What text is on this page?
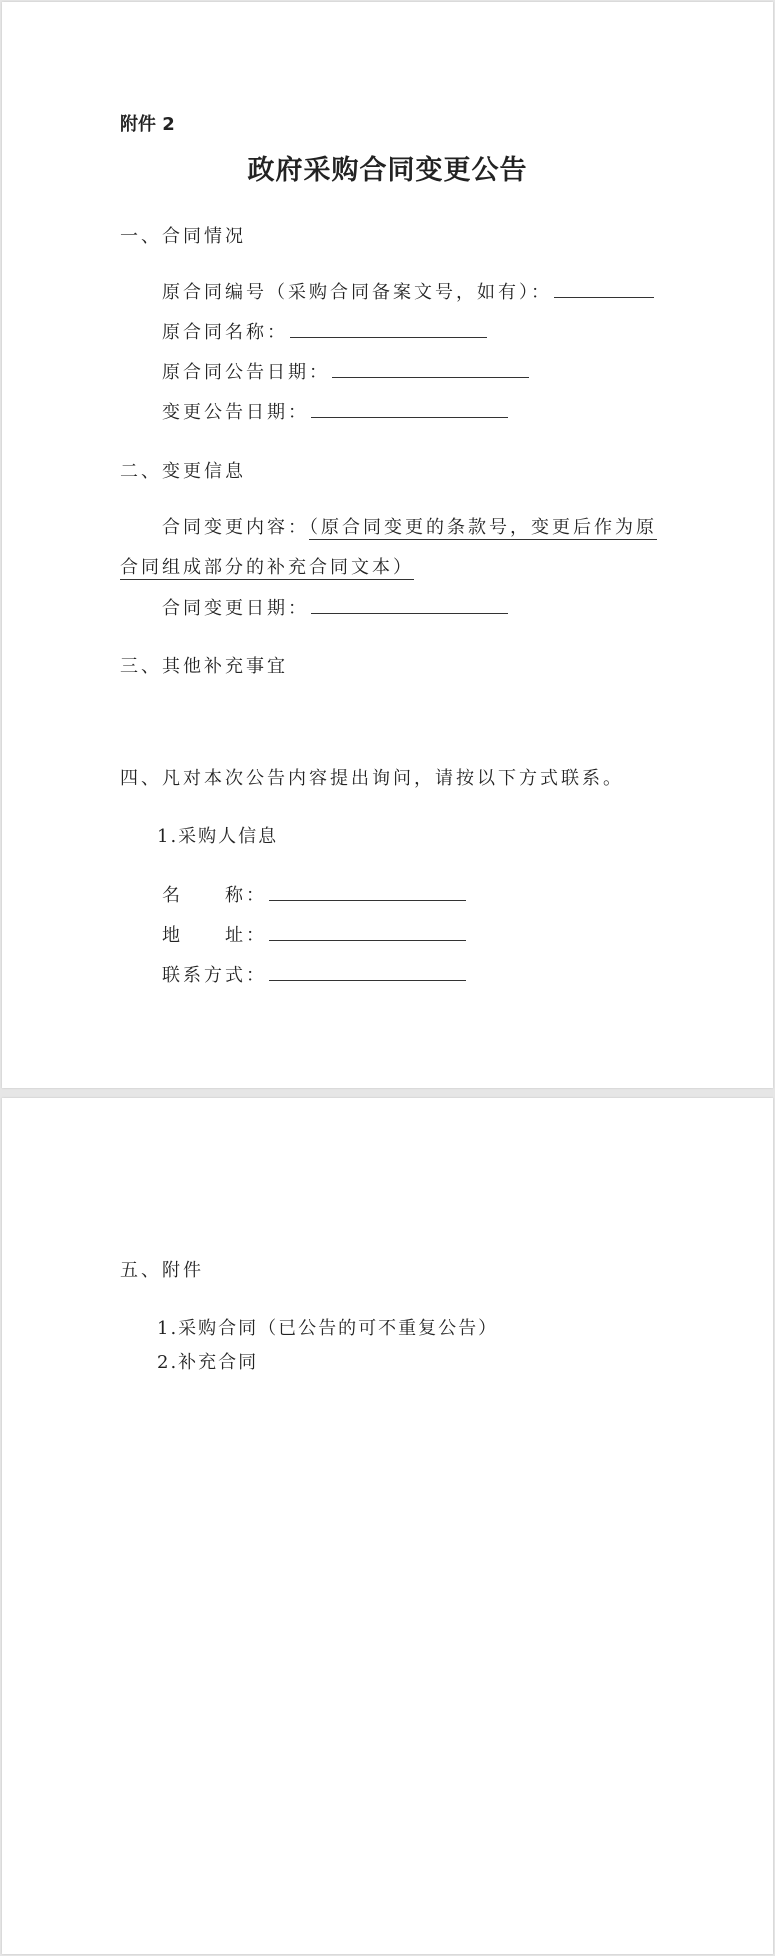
附件 2
政府采购合同变更公告
一、合同情况
原合同编号（采购合同备案文号，如有）：
原合同名称：
原合同公告日期：
变更公告日期：
二、变更信息
合同变更内容：（原合同变更的条款号，变更后作为原
合同组成部分的补充合同文本）
合同变更日期：
三、其他补充事宜
四、凡对本次公告内容提出询问，请按以下方式联系。
1.采购人信息
名　　称：
地　　址：
联系方式：
五、附件
1.采购合同（已公告的可不重复公告）
2.补充合同
